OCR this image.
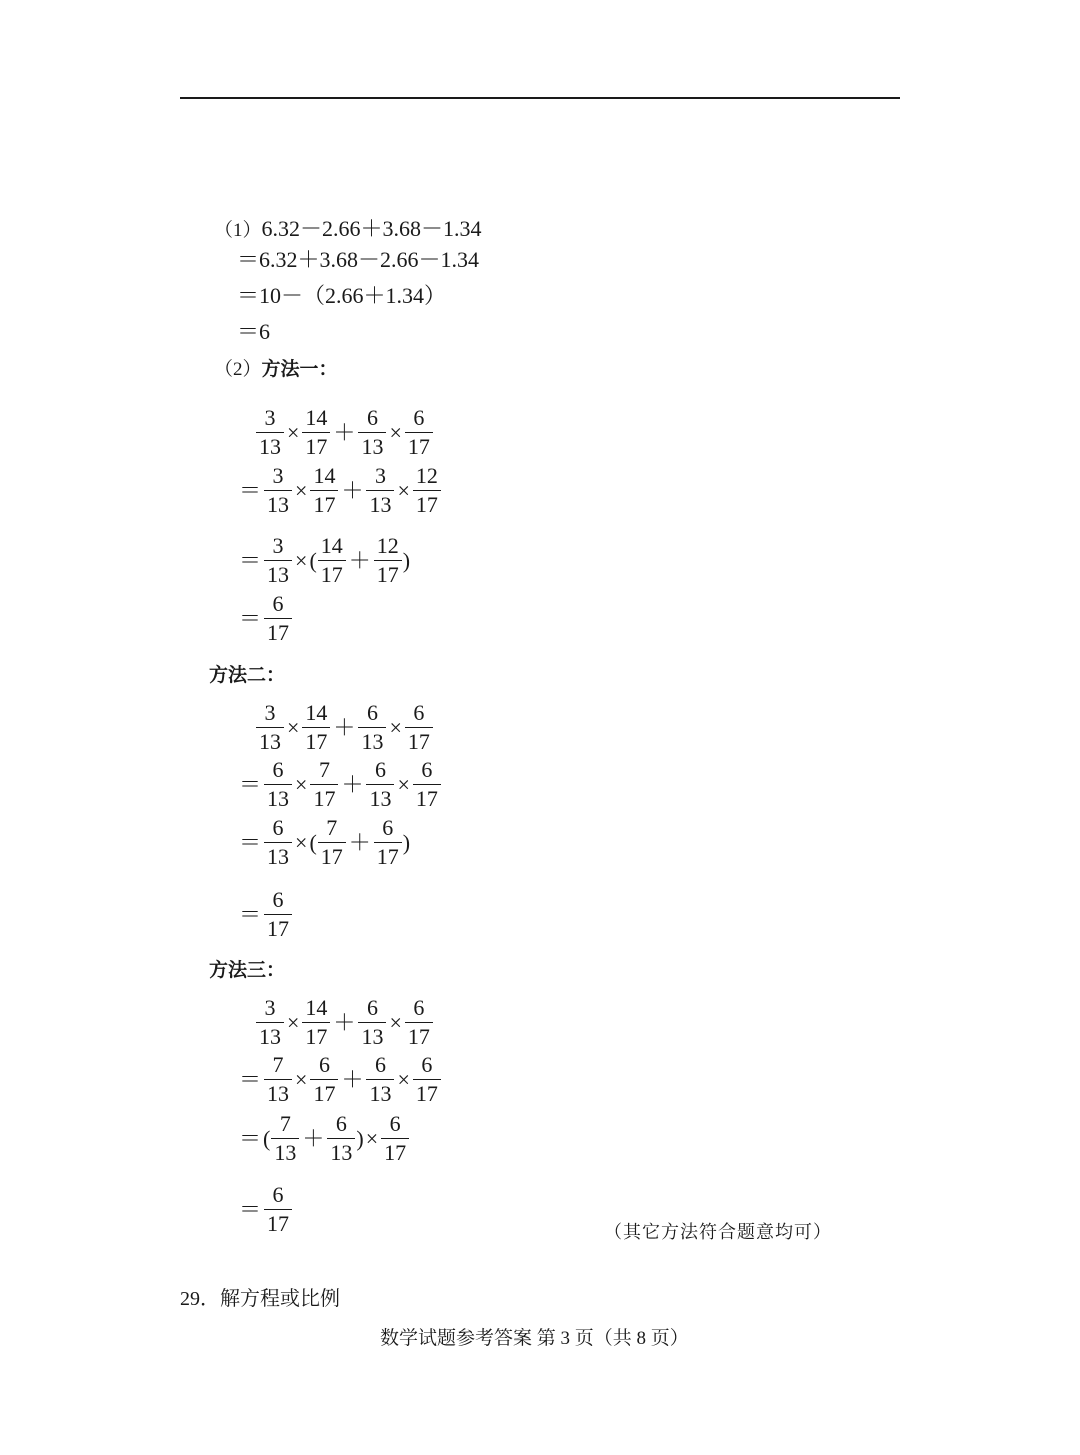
（1）6.32－2.66＋3.68－1.34
＝6.32＋3.68－2.66－1.34
＝10－（2.66＋1.34）
＝6
（2）方法一：
$\frac{3}{13} \times \frac{14}{17} + \frac{6}{13} \times \frac{6}{17}$
＝ $\frac{3}{13} \times \frac{14}{17} + \frac{3}{13} \times \frac{12}{17}$
＝ $\frac{3}{13}$ × ( $\frac{14}{17} + \frac{12}{17}$ )
＝ $\frac{6}{17}$
方法二：
$\frac{3}{13} \times \frac{14}{17} + \frac{6}{13} \times \frac{6}{17}$
＝ $\frac{6}{13} \times \frac{7}{17} + \frac{6}{13} \times \frac{6}{17}$
＝ $\frac{6}{13}$ × ( $\frac{7}{17} + \frac{6}{17}$ )
＝ $\frac{6}{17}$
方法三：
$\frac{3}{13} \times \frac{14}{17} + \frac{6}{13} \times \frac{6}{17}$
＝ $\frac{7}{13} \times \frac{6}{17} + \frac{6}{13} \times \frac{6}{17}$
＝ ( $\frac{7}{13} + \frac{6}{13}$ ) × $\frac{6}{17}$
＝ $\frac{6}{17}$	（其它方法符合题意均可）
29．解方程或比例
数学试题参考答案 第 3 页（共 8 页）
